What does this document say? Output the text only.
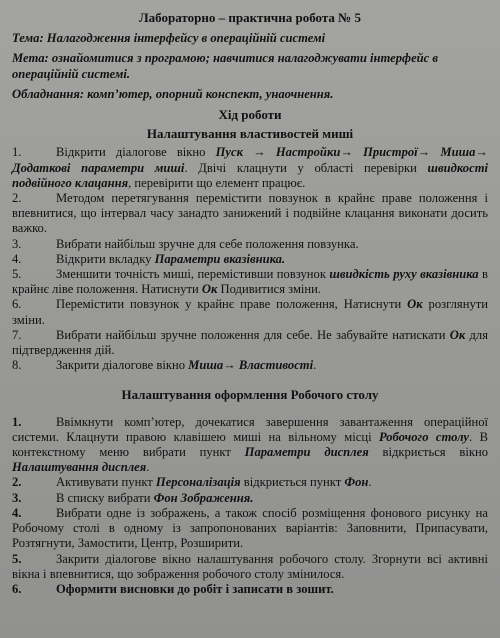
Лабораторно – практична робота № 5

Тема: Налагодження інтерфейсу в операційній системі

Мета: ознайомитися з програмою; навчитися налагоджувати інтерфейс в операційній системі.

Обладнання: комп’ютер, опорний конспект, унаочнення.

Хід роботи
Налаштування властивостей миші

1.	Відкрити діалогове вікно Пуск → Настройки→ Пристрої→ Миша→ Додаткові параметри миші. Двічі клацнути у області перевірки швидкості подвійного клацання, перевірити що елемент працює.

2.	Методом перетягування перемістити повзунок в крайнє праве положення і впевнитися, що інтервал часу занадто занижений і подвійне клацання виконати досить важко.

3.	Вибрати найбільш зручне для себе положення повзунка.

4.	Відкрити вкладку Параметри вказівника.

5.	Зменшити точність миші, перемістивши повзунок швидкість руху вказівника в крайнє ліве положення. Натиснути Ок Подивитися зміни.

6.	Перемістити повзунок у крайнє праве положення, Натиснути Ок розглянути зміни.

7.	Вибрати найбільш зручне положення для себе. Не забувайте натискати Ок для підтвердження дій.

8.	Закрити діалогове вікно Миша→ Властивості.

Налаштування оформлення Робочого столу

1.	Ввімкнути комп’ютер, дочекатися завершення завантаження операційної системи. Клацнути правою клавішею миші на вільному місці Робочого столу. В контекстному меню вибрати пункт Параметри дисплея відкриється вікно Налаштування дисплея.

2.	Активувати пункт Персоналізація відкриється пункт Фон.

3.	В списку вибрати Фон Зображення.

4.	Вибрати одне із зображень, а також спосіб розміщення фонового рисунку на Робочому столі в одному із запропонованих варіантів: Заповнити, Припасувати, Розтягнути, Замостити, Центр, Розширити.

5.	Закрити діалогове вікно налаштування робочого столу. Згорнути всі активні вікна і впевнитися, що зображення робочого столу змінилося.

6.	Оформити висновки до робіт і записати в зошит.
